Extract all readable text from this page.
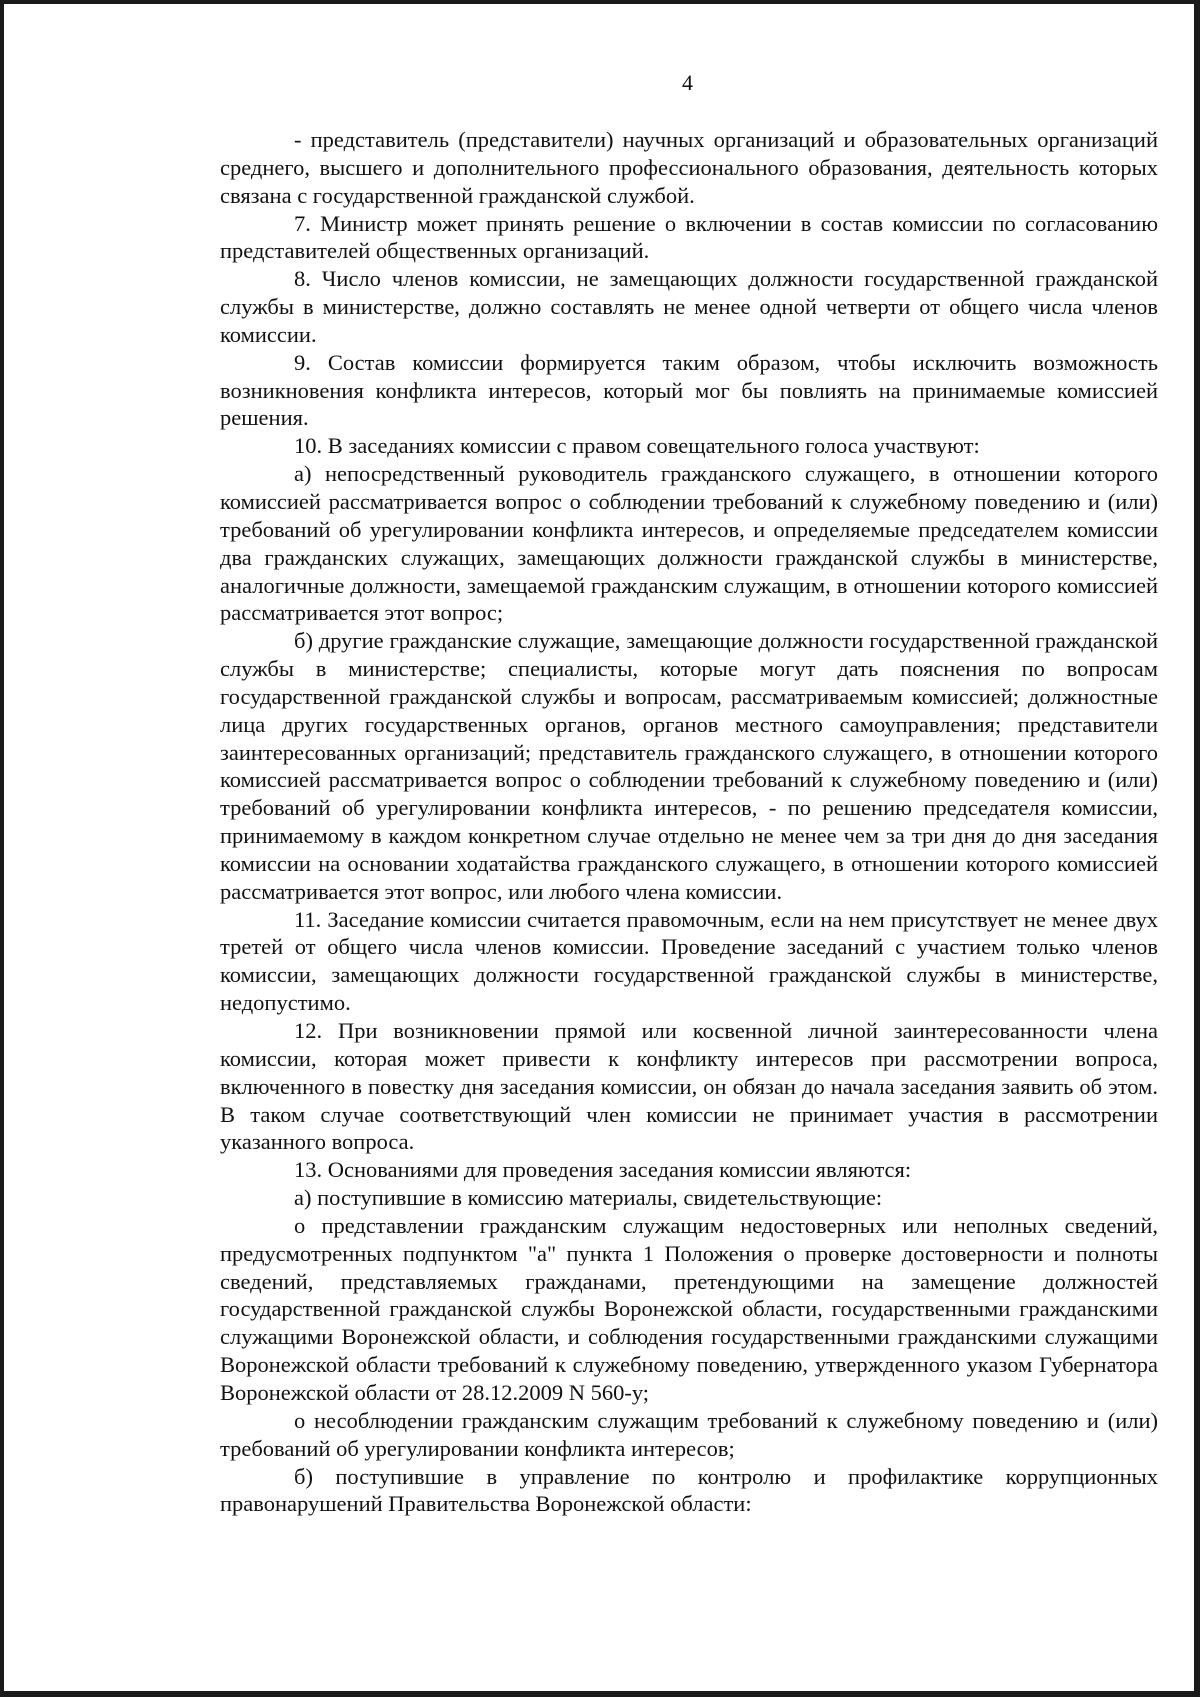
4

- представитель (представители) научных организаций и образовательных организаций среднего, высшего и дополнительного профессионального образования, деятельность которых связана с государственной гражданской службой.

7. Министр может принять решение о включении в состав комиссии по согласованию представителей общественных организаций.

8. Число членов комиссии, не замещающих должности государственной гражданской службы в министерстве, должно составлять не менее одной четверти от общего числа членов комиссии.

9. Состав комиссии формируется таким образом, чтобы исключить возможность возникновения конфликта интересов, который мог бы повлиять на принимаемые комиссией решения.

10. В заседаниях комиссии с правом совещательного голоса участвуют:

а) непосредственный руководитель гражданского служащего, в отношении которого комиссией рассматривается вопрос о соблюдении требований к служебному поведению и (или) требований об урегулировании конфликта интересов, и определяемые председателем комиссии два гражданских служащих, замещающих должности гражданской службы в министерстве, аналогичные должности, замещаемой гражданским служащим, в отношении которого комиссией рассматривается этот вопрос;

б) другие гражданские служащие, замещающие должности государственной гражданской службы в министерстве; специалисты, которые могут дать пояснения по вопросам государственной гражданской службы и вопросам, рассматриваемым комиссией; должностные лица других государственных органов, органов местного самоуправления; представители заинтересованных организаций; представитель гражданского служащего, в отношении которого комиссией рассматривается вопрос о соблюдении требований к служебному поведению и (или) требований об урегулировании конфликта интересов, - по решению председателя комиссии, принимаемому в каждом конкретном случае отдельно не менее чем за три дня до дня заседания комиссии на основании ходатайства гражданского служащего, в отношении которого комиссией рассматривается этот вопрос, или любого члена комиссии.

11. Заседание комиссии считается правомочным, если на нем присутствует не менее двух третей от общего числа членов комиссии. Проведение заседаний с участием только членов комиссии, замещающих должности государственной гражданской службы в министерстве, недопустимо.

12. При возникновении прямой или косвенной личной заинтересованности члена комиссии, которая может привести к конфликту интересов при рассмотрении вопроса, включенного в повестку дня заседания комиссии, он обязан до начала заседания заявить об этом. В таком случае соответствующий член комиссии не принимает участия в рассмотрении указанного вопроса.

13. Основаниями для проведения заседания комиссии являются:

а) поступившие в комиссию материалы, свидетельствующие:

о представлении гражданским служащим недостоверных или неполных сведений, предусмотренных подпунктом "а" пункта 1 Положения о проверке достоверности и полноты сведений, представляемых гражданами, претендующими на замещение должностей государственной гражданской службы Воронежской области, государственными гражданскими служащими Воронежской области, и соблюдения государственными гражданскими служащими Воронежской области требований к служебному поведению, утвержденного указом Губернатора Воронежской области от 28.12.2009 N 560-у;

о несоблюдении гражданским служащим требований к служебному поведению и (или) требований об урегулировании конфликта интересов;

б) поступившие в управление по контролю и профилактике коррупционных правонарушений Правительства Воронежской области:
